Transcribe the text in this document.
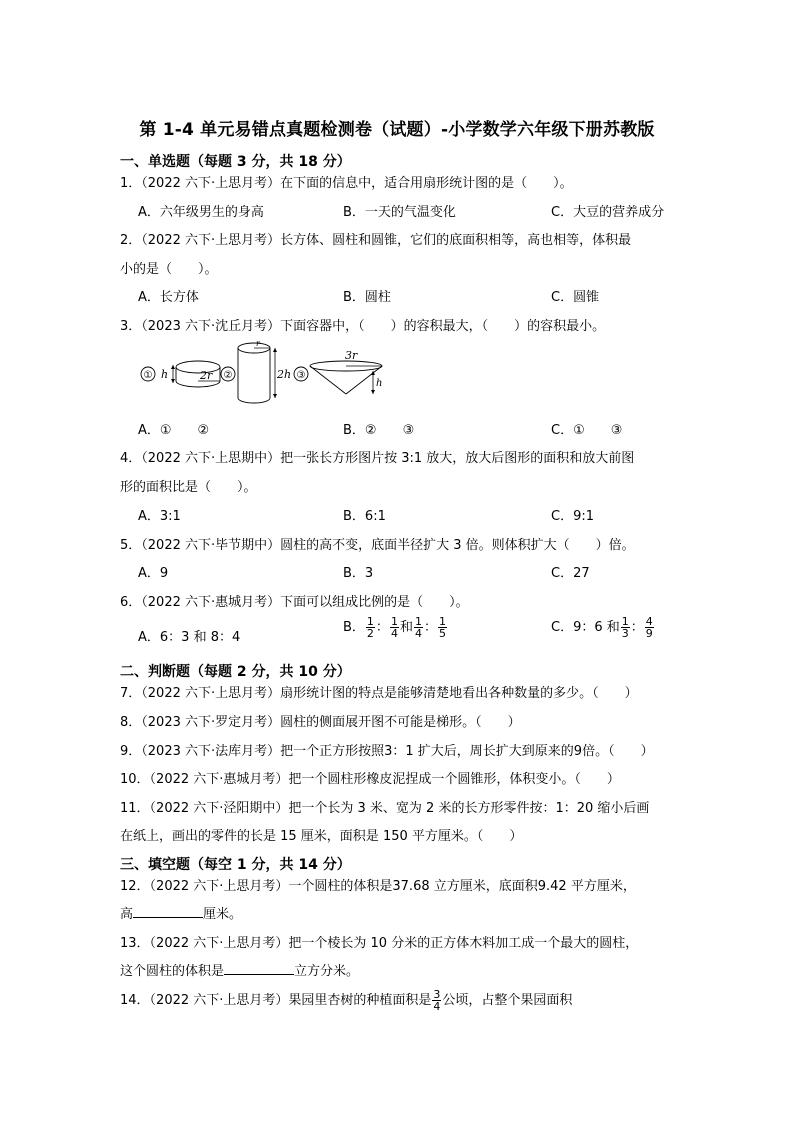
第 1-4 单元易错点真题检测卷（试题）-小学数学六年级下册苏教版
一、单选题（每题 3 分，共 18 分）
1．（2022 六下·上思月考）在下面的信息中，适合用扇形统计图的是（　　）。
A．六年级男生的身高	B．一天的气温变化	C．大豆的营养成分
2．（2022 六下·上思月考）长方体、圆柱和圆锥，它们的底面积相等，高也相等，体积最
小的是（　　）。
A．长方体	B．圆柱	C．圆锥
3．（2023 六下·沈丘月考）下面容器中，（　　）的容积最大，（　　）的容积最小。
① h	2r ②
r
2h ③
3r
h
A．①　　②	B．②　　③	C．①　　③
4．（2022 六下·上思期中）把一张长方形图片按 3:1 放大，放大后图形的面积和放大前图
形的面积比是（　　）。
A．3:1	B．6:1	C．9:1
5．（2022 六下·毕节期中）圆柱的高不变，底面半径扩大 3 倍。则体积扩大（　　）倍。
A．9	B．3	C．27
6．（2022 六下·惠城月考）下面可以组成比例的是（　　）。
A．6：3 和 8：4
B． $\frac{1}{2}$ ： $\frac{1}{4}$ 和 $\frac{1}{4}$ ： $\frac{1}{5}$	C．9：6 和 $\frac{1}{3}$ ： $\frac{4}{9}$
二、判断题（每题 2 分，共 10 分）
7．（2022 六下·上思月考）扇形统计图的特点是能够清楚地看出各种数量的多少。（　　）
8．（2023 六下·罗定月考）圆柱的侧面展开图不可能是梯形。（　　）
9．（2023 六下·法库月考）把一个正方形按照3：1 扩大后，周长扩大到原来的9倍。（　　）
10．（2022 六下·惠城月考）把一个圆柱形橡皮泥捏成一个圆锥形，体积变小。（　　）
11．（2022 六下·泾阳期中）把一个长为 3 米、宽为 2 米的长方形零件按：1：20 缩小后画
在纸上，画出的零件的长是 15 厘米，面积是 150 平方厘米。（　　）
三、填空题（每空 1 分，共 14 分）
12．（2022 六下·上思月考）一个圆柱的体积是37.68 立方厘米，底面积9.42 平方厘米，
高	厘米。
13．（2022 六下·上思月考）把一个棱长为 10 分米的正方体木料加工成一个最大的圆柱，
这个圆柱的体积是	立方分米。
14．（2022 六下·上思月考）果园里杏树的种植面积是 $\frac{3}{4}$ 公顷，占整个果园面积
